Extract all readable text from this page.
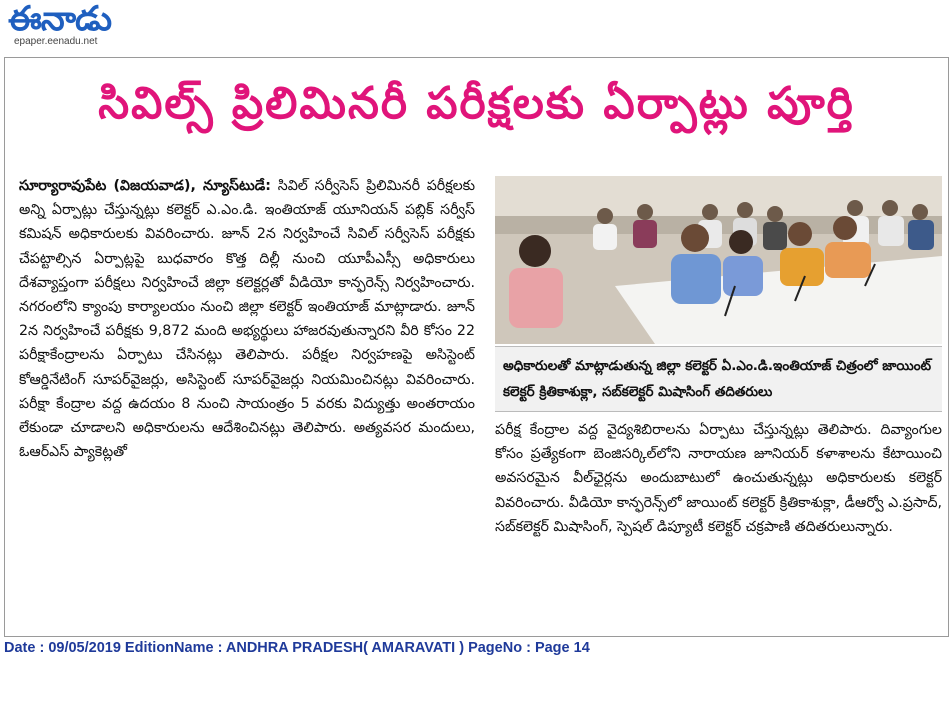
ఈనాడు
epaper.eenadu.net
సివిల్స్ ప్రిలిమినరీ పరీక్షలకు ఏర్పాట్లు పూర్తి

సూర్యారావుపేట (విజయవాడ), న్యూస్‌టుడే: సివిల్ సర్వీసెస్ ప్రిలిమినరీ పరీక్షలకు అన్ని ఏర్పాట్లు చేస్తున్నట్లు కలెక్టర్ ఎ.ఎం.డి. ఇంతియాజ్ యూనియన్ పబ్లిక్ సర్వీస్ కమిషన్ అధికారులకు వివరించారు. జూన్ 2న నిర్వహించే సివిల్ సర్వీసెస్ పరీక్షకు చేపట్టాల్సిన ఏర్పాట్లపై బుధవారం కొత్త దిల్లీ నుంచి యూపీఎస్సీ అధికారులు దేశవ్యాప్తంగా పరీక్షలు నిర్వహించే జిల్లా కలెక్టర్లతో వీడియో కాన్ఫరెన్స్ నిర్వహించారు. నగరంలోని క్యాంపు కార్యాలయం నుంచి జిల్లా కలెక్టర్ ఇంతియాజ్ మాట్లాడారు. జూన్ 2న నిర్వహించే పరీక్షకు 9,872 మంది అభ్యర్థులు హాజరవుతున్నారని వీరి కోసం 22 పరీక్షాకేంద్రాలను ఏర్పాటు చేసినట్లు తెలిపారు. పరీక్షల నిర్వహణపై అసిస్టెంట్ కోఆర్డినేటింగ్ సూపర్‌వైజర్లు, అసిస్టెంట్ సూపర్‌వైజర్లు నియమించినట్లు వివరించారు. పరీక్షా కేంద్రాల వద్ద ఉదయం 8 నుంచి సాయంత్రం 5 వరకు విద్యుత్తు అంతరాయం లేకుండా చూడాలని అధికారులను ఆదేశించినట్లు తెలిపారు. అత్యవసర మందులు, ఓఆర్ఎస్ ప్యాకెట్లతో

అధికారులతో మాట్లాడుతున్న జిల్లా కలెక్టర్ ఏ.ఎం.డి.ఇంతియాజ్ చిత్రంలో జాయింట్ కలెక్టర్ క్రితికాశుక్లా, సబ్‌కలెక్టర్ మిషాసింగ్ తదితరులు

పరీక్ష కేంద్రాల వద్ద వైద్యశిబిరాలను ఏర్పాటు చేస్తున్నట్లు తెలిపారు. దివ్యాంగుల కోసం ప్రత్యేకంగా బెంజిసర్కిల్‌లోని నారాయణ జూనియర్ కళాశాలను కేటాయించి అవసరమైన వీల్‌ఛైర్లను అందుబాటులో ఉంచుతున్నట్లు అధికారులకు కలెక్టర్ వివరించారు. వీడియో కాన్ఫరెన్స్‌లో జాయింట్ కలెక్టర్ క్రితికాశుక్లా, డీఆర్వో ఎ.ప్రసాద్, సబ్‌కలెక్టర్ మిషాసింగ్, స్పెషల్ డిప్యూటీ కలెక్టర్ చక్రపాణి తదితరులున్నారు.

Date : 09/05/2019 EditionName : ANDHRA PRADESH( AMARAVATI ) PageNo : Page 14
